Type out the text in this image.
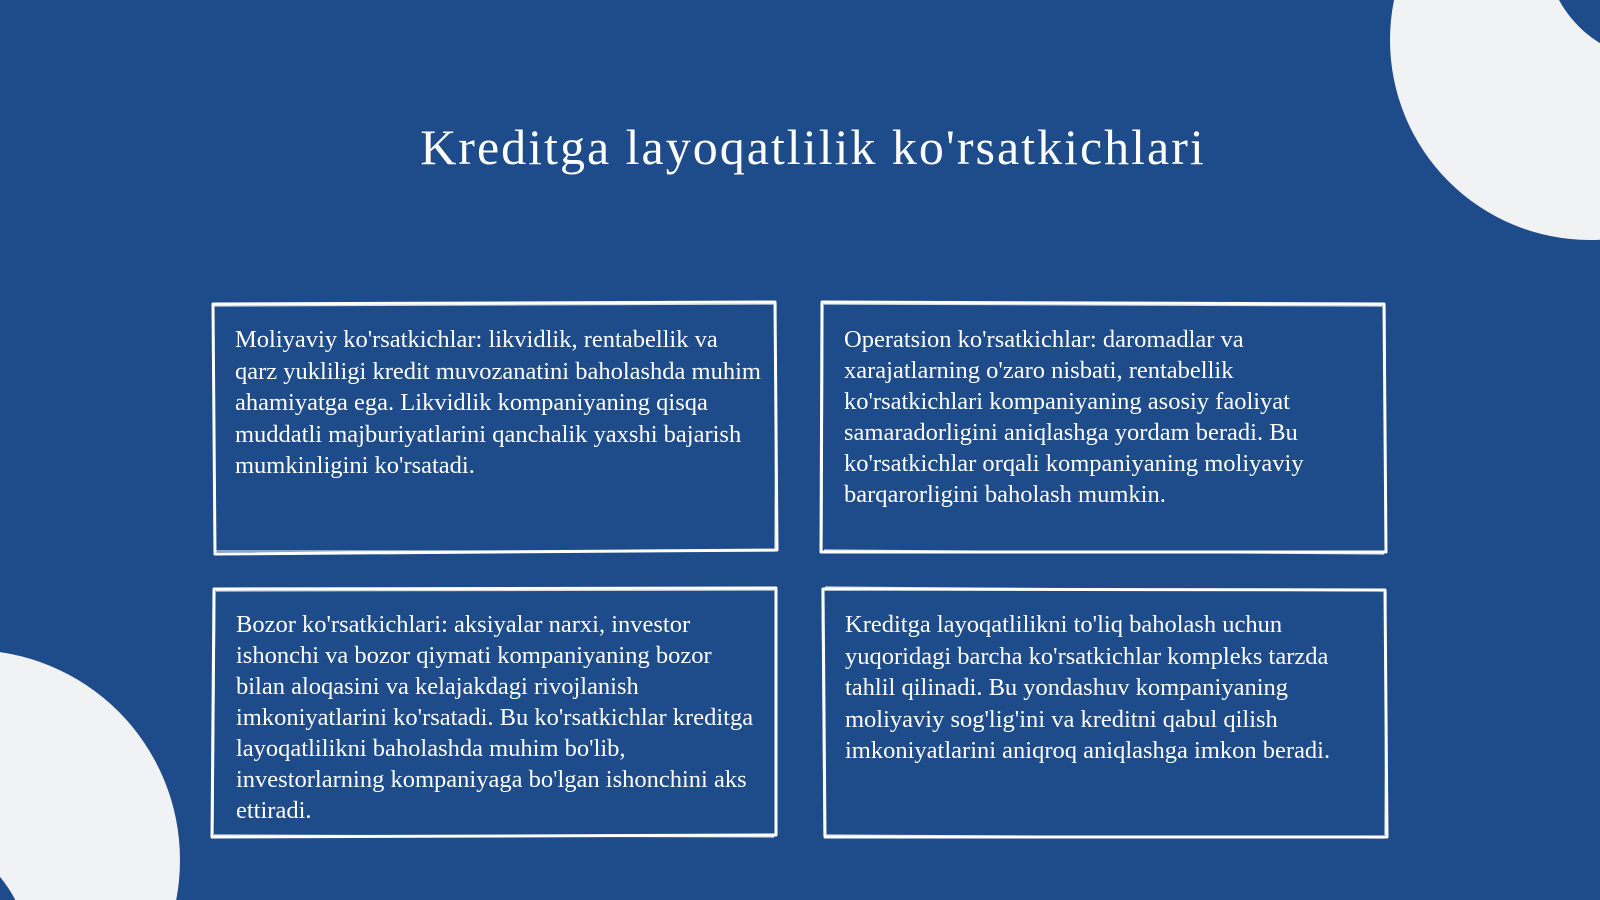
Kreditga layoqatlilik ko'rsatkichlari

Moliyaviy ko'rsatkichlar: likvidlik, rentabellik va qarz yukliligi kredit muvozanatini baholashda muhim ahamiyatga ega. Likvidlik kompaniyaning qisqa muddatli majburiyatlarini qanchalik yaxshi bajarish mumkinligini ko'rsatadi.

Operatsion ko'rsatkichlar: daromadlar va xarajatlarning o'zaro nisbati, rentabellik ko'rsatkichlari kompaniyaning asosiy faoliyat samaradorligini aniqlashga yordam beradi. Bu ko'rsatkichlar orqali kompaniyaning moliyaviy barqarorligini baholash mumkin.

Bozor ko'rsatkichlari: aksiyalar narxi, investor ishonchi va bozor qiymati kompaniyaning bozor bilan aloqasini va kelajakdagi rivojlanish imkoniyatlarini ko'rsatadi. Bu ko'rsatkichlar kreditga layoqatlilikni baholashda muhim bo'lib, investorlarning kompaniyaga bo'lgan ishonchini aks ettiradi.

Kreditga layoqatlilikni to'liq baholash uchun yuqoridagi barcha ko'rsatkichlar kompleks tarzda tahlil qilinadi. Bu yondashuv kompaniyaning moliyaviy sog'lig'ini va kreditni qabul qilish imkoniyatlarini aniqroq aniqlashga imkon beradi.
